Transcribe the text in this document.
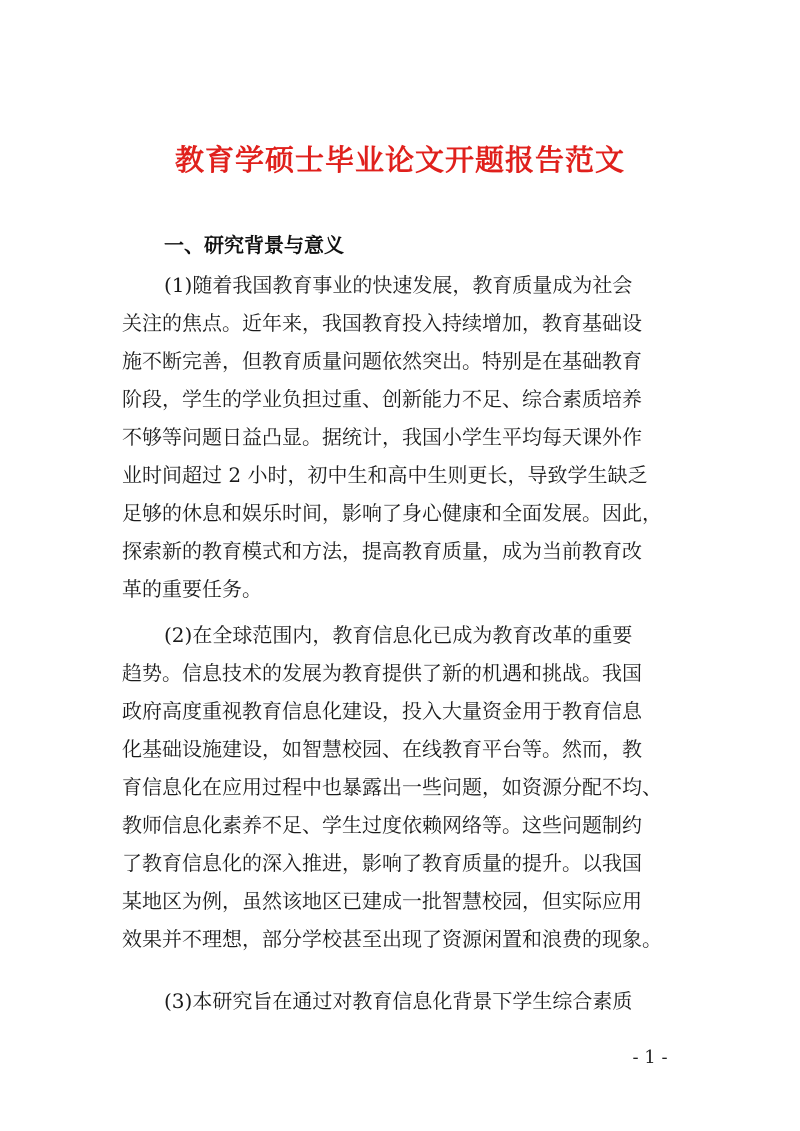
教育学硕士毕业论文开题报告范文
一、研究背景与意义
(1)随着我国教育事业的快速发展，教育质量成为社会
关注的焦点。近年来，我国教育投入持续增加，教育基础设
施不断完善，但教育质量问题依然突出。特别是在基础教育
阶段，学生的学业负担过重、创新能力不足、综合素质培养
不够等问题日益凸显。据统计，我国小学生平均每天课外作
业时间超过 2 小时，初中生和高中生则更长，导致学生缺乏
足够的休息和娱乐时间，影响了身心健康和全面发展。因此，
探索新的教育模式和方法，提高教育质量，成为当前教育改
革的重要任务。
(2)在全球范围内，教育信息化已成为教育改革的重要
趋势。信息技术的发展为教育提供了新的机遇和挑战。我国
政府高度重视教育信息化建设，投入大量资金用于教育信息
化基础设施建设，如智慧校园、在线教育平台等。然而，教
育信息化在应用过程中也暴露出一些问题，如资源分配不均、
教师信息化素养不足、学生过度依赖网络等。这些问题制约
了教育信息化的深入推进，影响了教育质量的提升。以我国
某地区为例，虽然该地区已建成一批智慧校园，但实际应用
效果并不理想，部分学校甚至出现了资源闲置和浪费的现象。
(3)本研究旨在通过对教育信息化背景下学生综合素质
- 1 -
